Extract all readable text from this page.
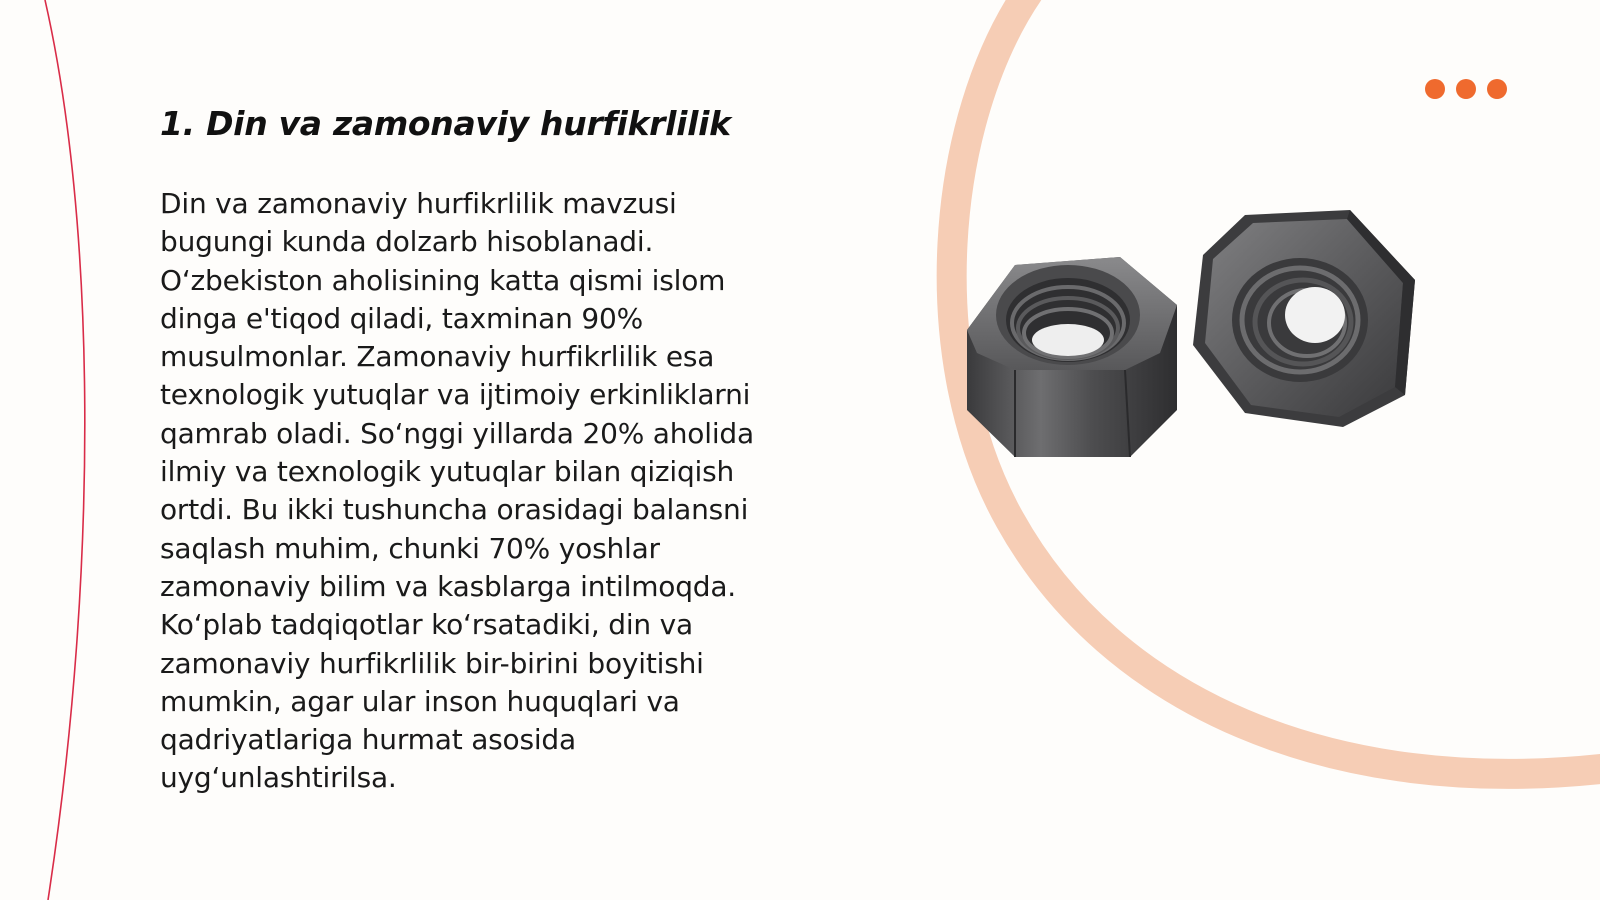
1. Din va zamonaviy hurfikrlilik

Din va zamonaviy hurfikrlilik mavzusi
bugungi kunda dolzarb hisoblanadi.
O‘zbekiston aholisining katta qismi islom
dinga e'tiqod qiladi, taxminan 90%
musulmonlar. Zamonaviy hurfikrlilik esa
texnologik yutuqlar va ijtimoiy erkinliklarni
qamrab oladi. So‘nggi yillarda 20% aholida
ilmiy va texnologik yutuqlar bilan qiziqish
ortdi. Bu ikki tushuncha orasidagi balansni
saqlash muhim, chunki 70% yoshlar
zamonaviy bilim va kasblarga intilmoqda.
Ko‘plab tadqiqotlar ko‘rsatadiki, din va
zamonaviy hurfikrlilik bir-birini boyitishi
mumkin, agar ular inson huquqlari va
qadriyatlariga hurmat asosida
uyg‘unlashtirilsa.
